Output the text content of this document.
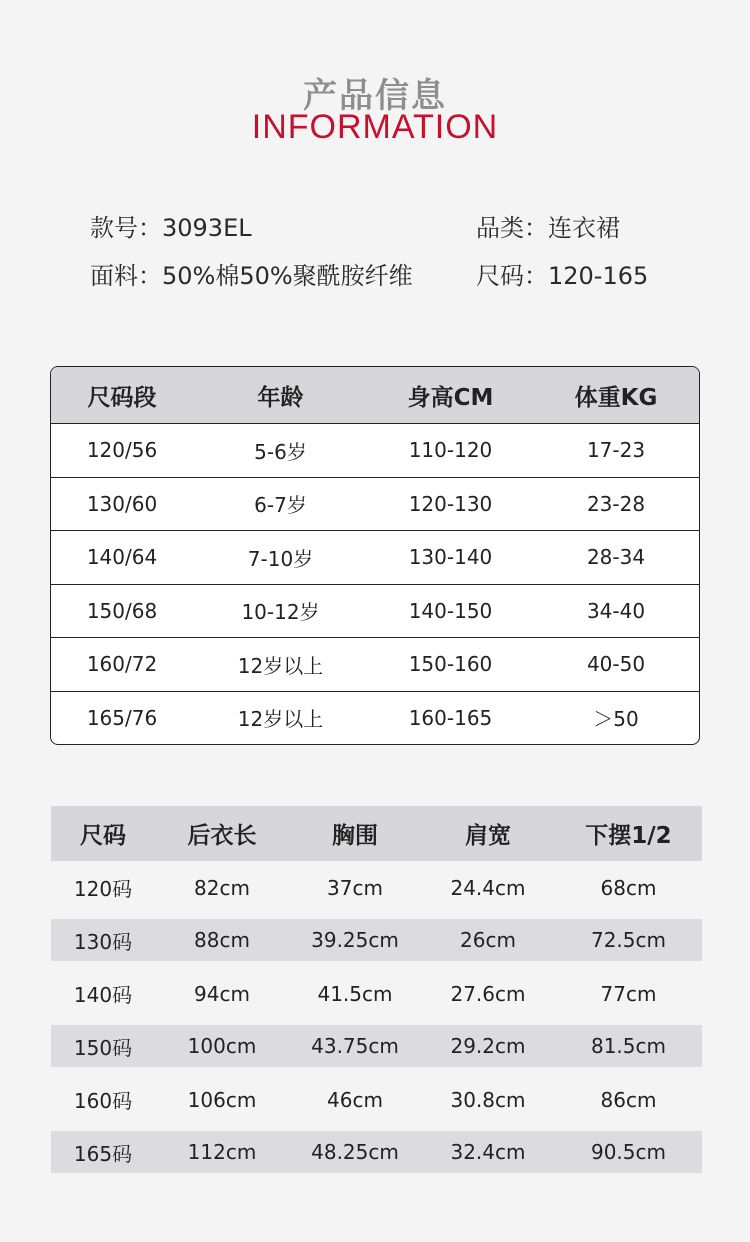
产品信息
INFORMATION
款号：3093EL	品类：连衣裙
面料：50%棉50%聚酰胺纤维	尺码：120-165
尺码段	年龄	身高CM	体重KG
120/56	5-6岁	110-120	17-23
130/60	6-7岁	120-130	23-28
140/64	7-10岁	130-140	28-34
150/68	10-12岁	140-150	34-40
160/72	12岁以上	150-160	40-50
165/76	12岁以上	160-165	＞50
尺码	后衣长	胸围	肩宽	下摆1/2
120码	82cm	37cm	24.4cm	68cm
130码	88cm	39.25cm	26cm	72.5cm
140码	94cm	41.5cm	27.6cm	77cm
150码	100cm	43.75cm	29.2cm	81.5cm
160码	106cm	46cm	30.8cm	86cm
165码	112cm	48.25cm	32.4cm	90.5cm
